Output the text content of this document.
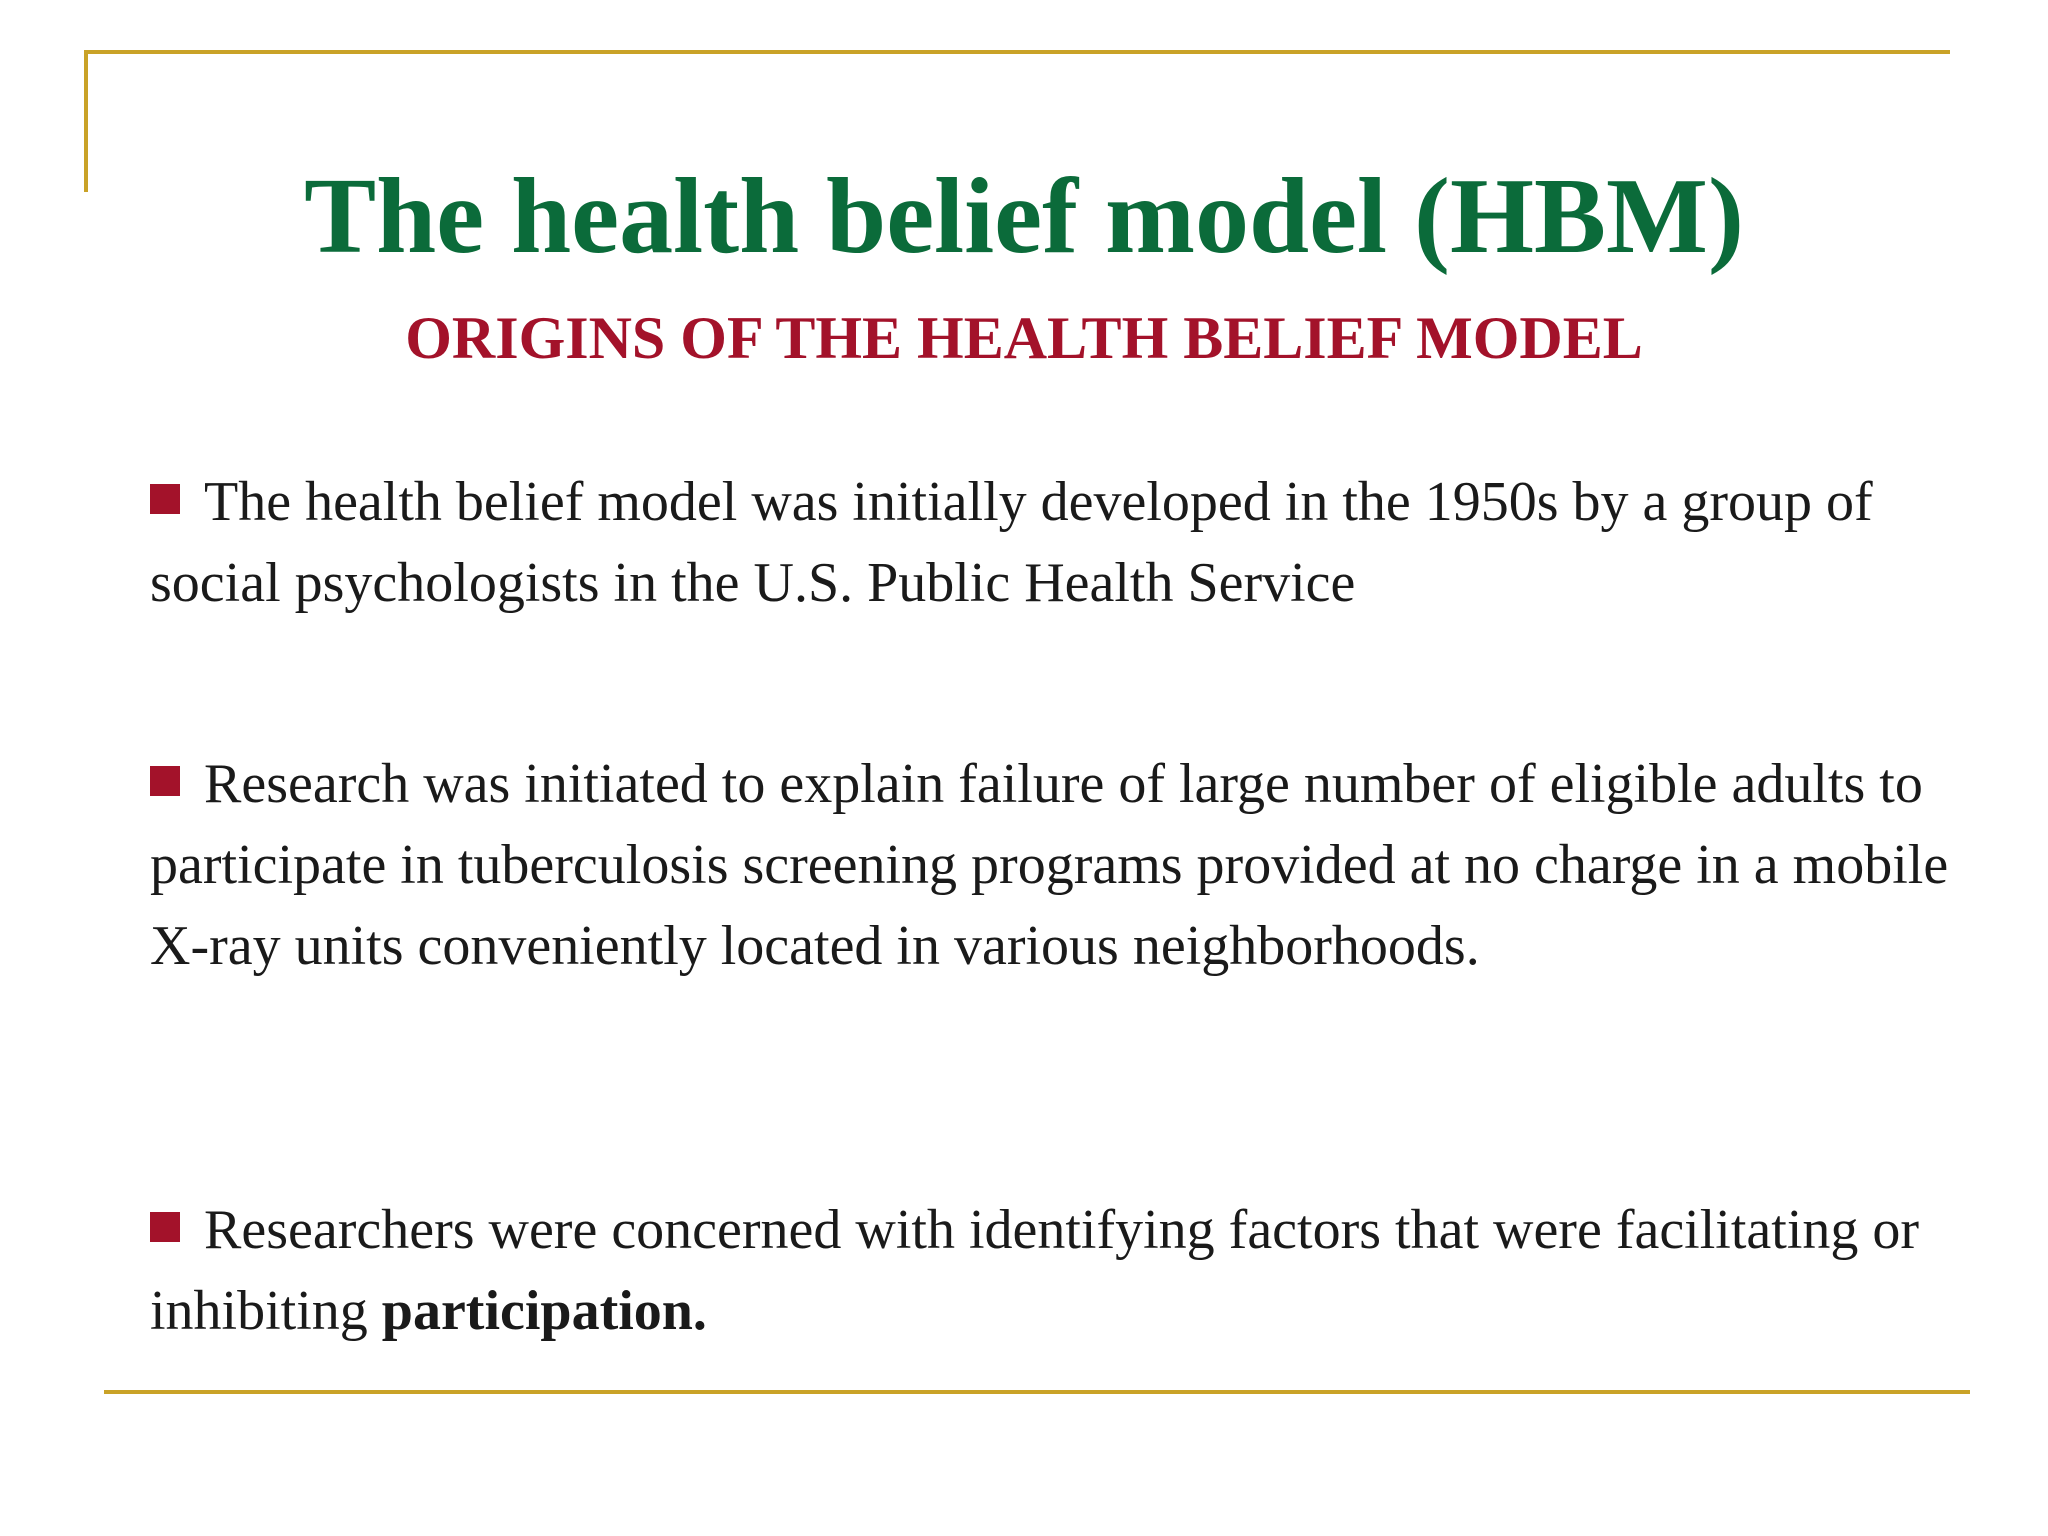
The health belief model (HBM)
ORIGINS OF THE HEALTH BELIEF MODEL
The health belief model was initially developed in the 1950s by a group of social psychologists in the U.S. Public Health Service
Research was initiated to explain failure of large number of eligible adults to participate in tuberculosis screening programs provided at no charge in a mobile X-ray units conveniently located in various neighborhoods.
Researchers were concerned with identifying factors that were facilitating or inhibiting participation.
